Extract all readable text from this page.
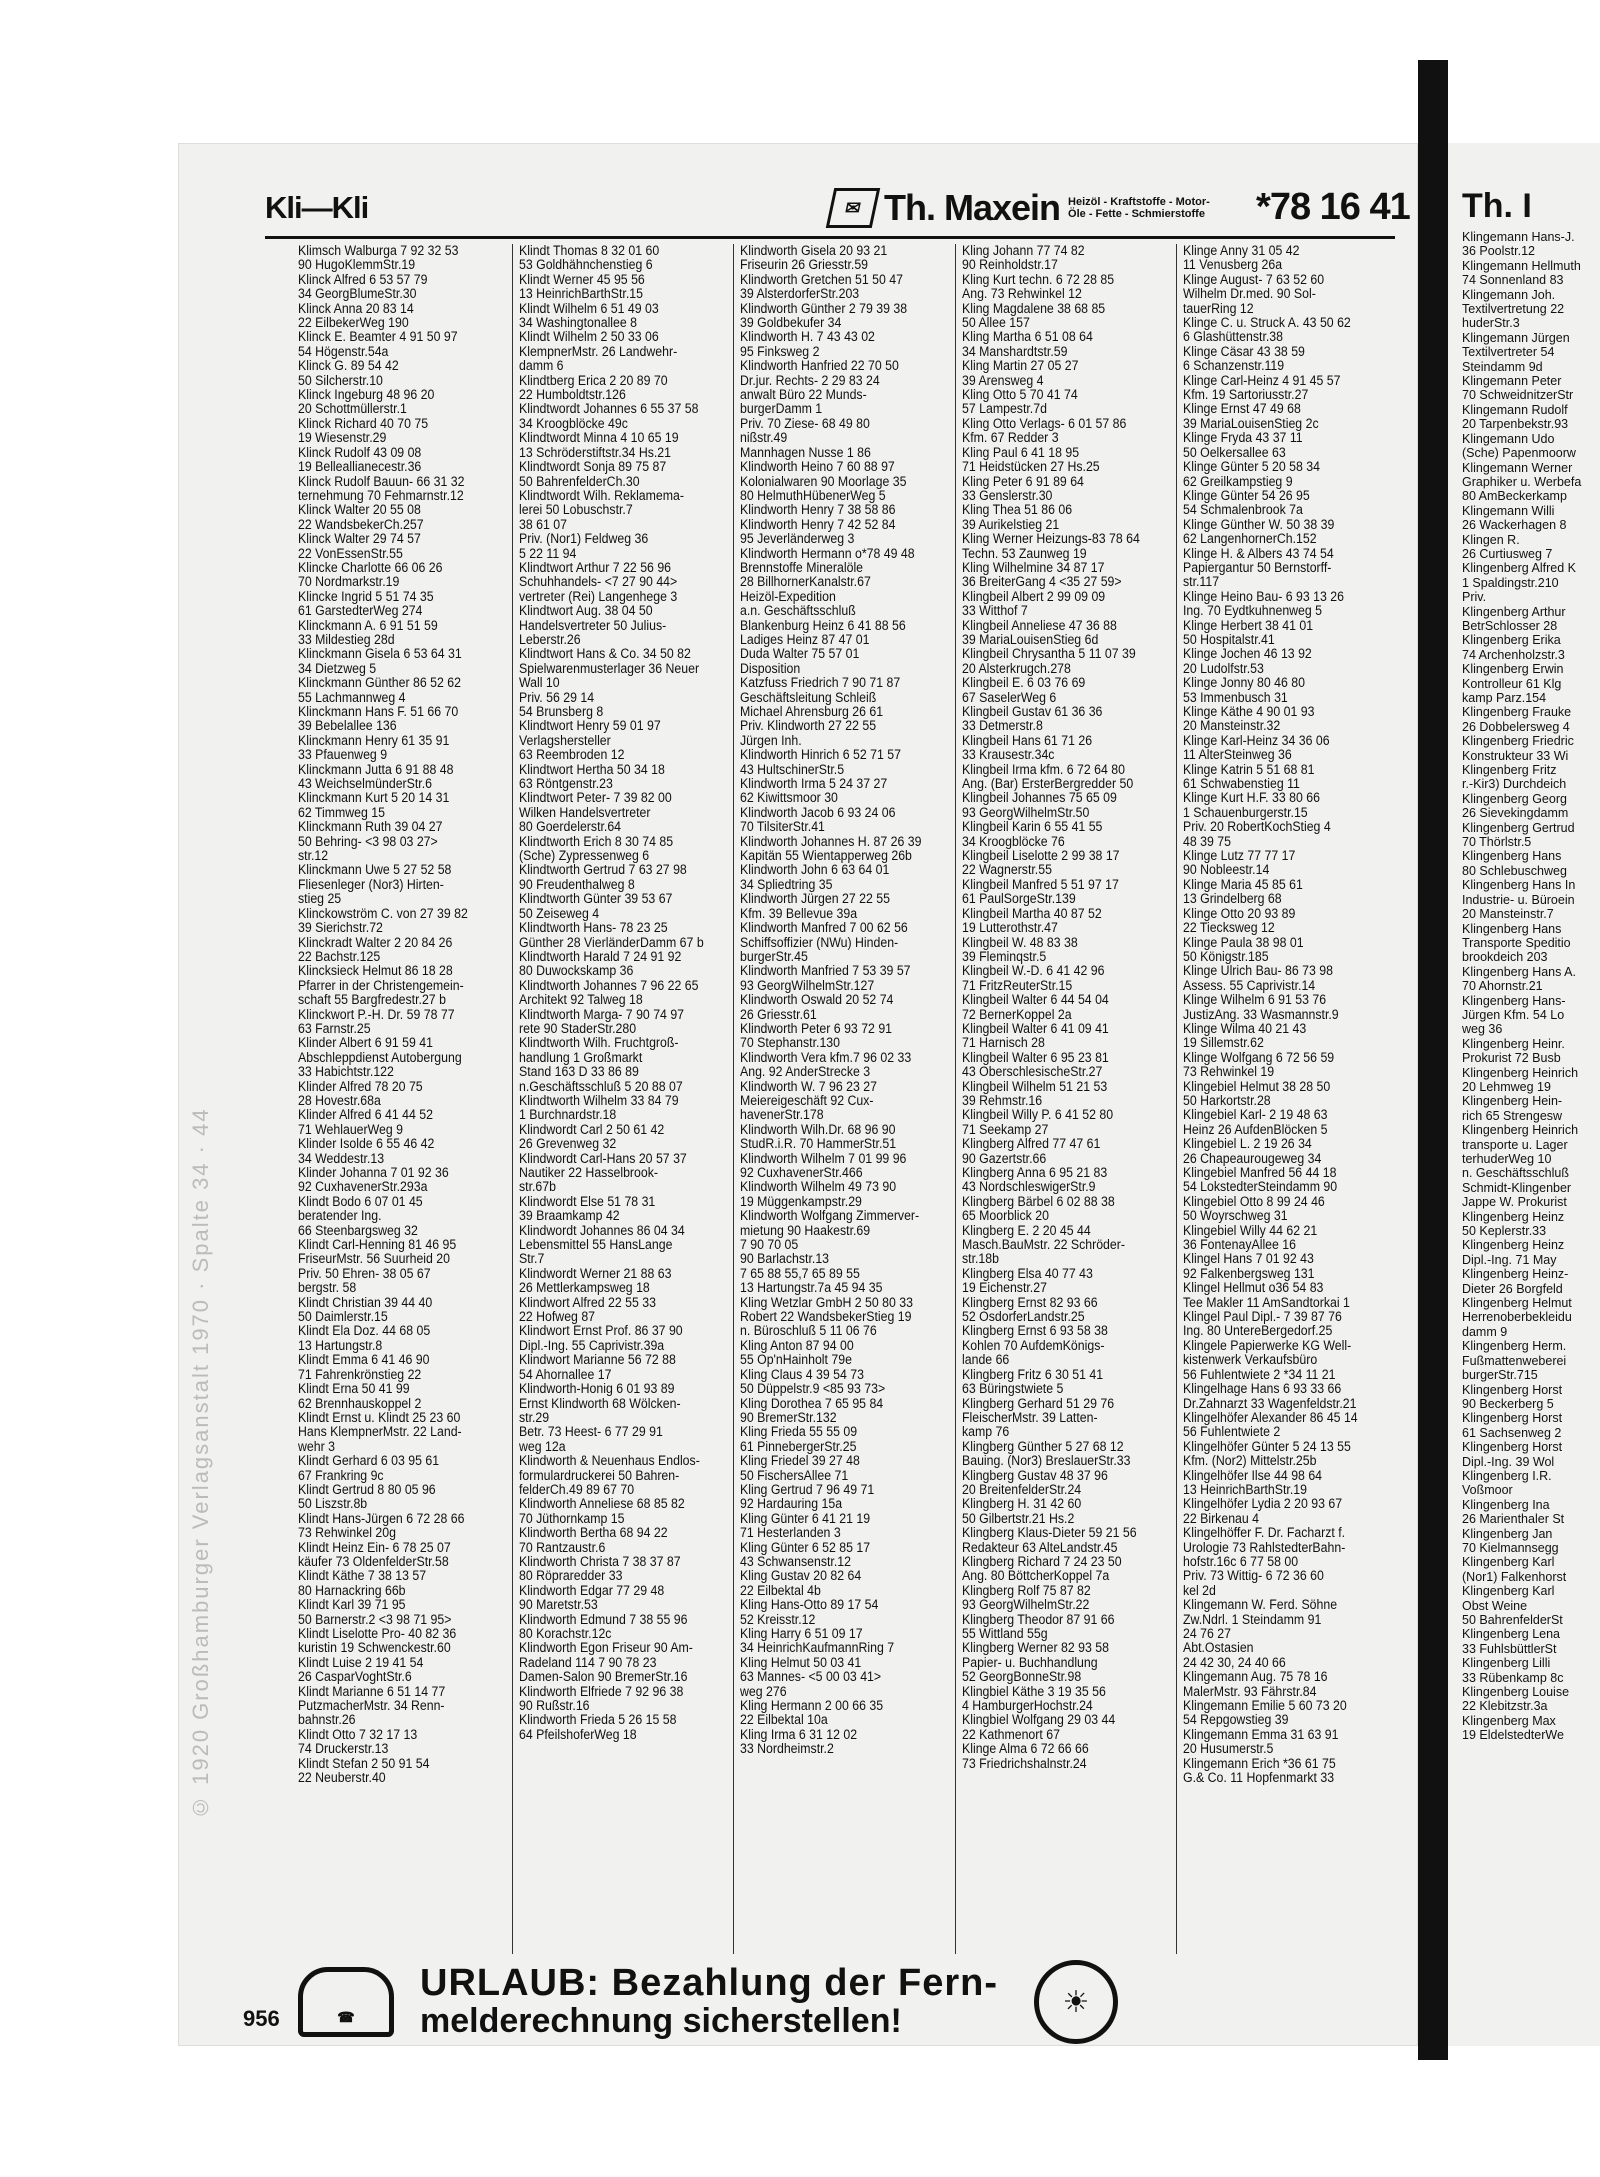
Th. I
Klingemann Hans-J.
36 Poolstr.12
Klingemann Hellmuth
74 Sonnenland 83
Klingemann Joh.
Textilvertretung 22
huderStr.3
Klingemann Jürgen
Textilvertreter 54
Steindamm 9d
Klingemann Peter
70 SchweidnitzerStr
Klingemann Rudolf
20 Tarpenbekstr.93
Klingemann Udo
(Sche) Papenmoorw
Klingemann Werner
Graphiker u. Werbefa
80 AmBeckerkamp
Klingemann Willi
26 Wackerhagen 8
Klingen R.
26 Curtiusweg 7
Klingenberg Alfred K
1 Spaldingstr.210
Priv.
Klingenberg Arthur
BetrSchlosser 28
Klingenberg Erika
74 Archenholzstr.3
Klingenberg Erwin
Kontrolleur 61 Klg
kamp Parz.154
Klingenberg Frauke
26 Dobbelersweg 4
Klingenberg Friedric
Konstrukteur 33 Wi
Klingenberg Fritz
r.-Kir3) Durchdeich
Klingenberg Georg
26 Sievekingdamm
Klingenberg Gertrud
70 Thörlstr.5
Klingenberg Hans
80 Schlebuschweg
Klingenberg Hans In
Industrie- u. Büroein
20 Mansteinstr.7
Klingenberg Hans
Transporte Speditio
brookdeich 203
Klingenberg Hans A.
70 Ahornstr.21
Klingenberg Hans-
Jürgen Kfm. 54 Lo
weg 36
Klingenberg Heinr.
Prokurist 72 Busb
Klingenberg Heinrich
20 Lehmweg 19
Klingenberg Hein-
rich 65 Strengesw
Klingenberg Heinrich
transporte u. Lager
terhuderWeg 10
n. Geschäftsschluß
Schmidt-Klingenber
Jappe W. Prokurist
Klingenberg Heinz
50 Keplerstr.33
Klingenberg Heinz
Dipl.-Ing. 71 May
Klingenberg Heinz-
Dieter 26 Borgfeld
Klingenberg Helmut
Herrenoberbekleidu
damm 9
Klingenberg Herm.
Fußmattenweberei
burgerStr.715
Klingenberg Horst
90 Beckerberg 5
Klingenberg Horst
61 Sachsenweg 2
Klingenberg Horst
Dipl.-Ing. 39 Wol
Klingenberg I.R.
Voßmoor
Klingenberg Ina
26 Marienthaler St
Klingenberg Jan
70 Kielmannsegg
Klingenberg Karl
(Nor1) Falkenhorst
Klingenberg Karl
Obst Weine
50 BahrenfelderSt
Klingenberg Lena
33 FuhlsbüttlerSt
Klingenberg Lilli
33 Rübenkamp 8c
Klingenberg Louise
22 Klebitzstr.3a
Klingenberg Max
19 EldelstedterWe
© 1920 Großhamburger Verlagsanstalt 1970 · Spalte 34 · 44
Kli—Kli	✉ Th. Maxein Heizöl - Kraftstoffe - Motor-
Öle - Fette - Schmierstoffe	*78 16 41
Klimsch Walburga 7 92 32 53
90 HugoKlemmStr.19
Klinck Alfred 6 53 57 79
34 GeorgBlumeStr.30
Klinck Anna 20 83 14
22 EilbekerWeg 190
Klinck E. Beamter 4 91 50 97
54 Högenstr.54a
Klinck G. 89 54 42
50 Silcherstr.10
Klinck Ingeburg 48 96 20
20 Schottmüllerstr.1
Klinck Richard 40 70 75
19 Wiesenstr.29
Klinck Rudolf 43 09 08
19 Belleallianecestr.36
Klinck Rudolf Bauun- 66 31 32
ternehmung 70 Fehmarnstr.12
Klinck Walter 20 55 08
22 WandsbekerCh.257
Klinck Walter 29 74 57
22 VonEssenStr.55
Klincke Charlotte 66 06 26
70 Nordmarkstr.19
Klincke Ingrid 5 51 74 35
61 GarstedterWeg 274
Klinckmann A. 6 91 51 59
33 Mildestieg 28d
Klinckmann Gisela 6 53 64 31
34 Dietzweg 5
Klinckmann Günther 86 52 62
55 Lachmannweg 4
Klinckmann Hans F. 51 66 70
39 Bebelallee 136
Klinckmann Henry 61 35 91
33 Pfauenweg 9
Klinckmann Jutta 6 91 88 48
43 WeichselmünderStr.6
Klinckmann Kurt 5 20 14 31
62 Timmweg 15
Klinckmann Ruth 39 04 27
50 Behring- <3 98 03 27>
str.12
Klinckmann Uwe 5 27 52 58
Fliesenleger (Nor3) Hirten-
stieg 25
Klinckowström C. von 27 39 82
39 Sierichstr.72
Klinckradt Walter 2 20 84 26
22 Bachstr.125
Klincksieck Helmut 86 18 28
Pfarrer in der Christengemein-
schaft 55 Bargfredestr.27 b
Klinckwort P.-H. Dr. 59 78 77
63 Farnstr.25
Klinder Albert 6 91 59 41
Abschleppdienst Autobergung
33 Habichtstr.122
Klinder Alfred 78 20 75
28 Hovestr.68a
Klinder Alfred 6 41 44 52
71 WehlauerWeg 9
Klinder Isolde 6 55 46 42
34 Weddestr.13
Klinder Johanna 7 01 92 36
92 CuxhavenerStr.293a
Klindt Bodo 6 07 01 45
beratender Ing.
66 Steenbargsweg 32
Klindt Carl-Henning 81 46 95
FriseurMstr. 56 Suurheid 20
Priv. 50 Ehren- 38 05 67
bergstr. 58
Klindt Christian 39 44 40
50 Daimlerstr.15
Klindt Ela Doz. 44 68 05
13 Hartungstr.8
Klindt Emma 6 41 46 90
71 Fahrenkrönstieg 22
Klindt Erna 50 41 99
62 Brennhauskoppel 2
Klindt Ernst u. Klindt 25 23 60
Hans KlempnerMstr. 22 Land-
wehr 3
Klindt Gerhard 6 03 95 61
67 Frankring 9c
Klindt Gertrud 8 80 05 96
50 Liszstr.8b
Klindt Hans-Jürgen 6 72 28 66
73 Rehwinkel 20g
Klindt Heinz Ein- 6 78 25 07
käufer 73 OldenfelderStr.58
Klindt Käthe 7 38 13 57
80 Harnackring 66b
Klindt Karl 39 71 95
50 Barnerstr.2 <3 98 71 95>
Klindt Liselotte Pro- 40 82 36
kuristin 19 Schwenckestr.60
Klindt Luise 2 19 41 54
26 CasparVoghtStr.6
Klindt Marianne 6 51 14 77
PutzmacherMstr. 34 Renn-
bahnstr.26
Klindt Otto 7 32 17 13
74 Druckerstr.13
Klindt Stefan 2 50 91 54
22 Neuberstr.40
Klindt Thomas 8 32 01 60
53 Goldhähnchenstieg 6
Klindt Werner 45 95 56
13 HeinrichBarthStr.15
Klindt Wilhelm 6 51 49 03
34 Washingtonallee 8
Klindt Wilhelm 2 50 33 06
KlempnerMstr. 26 Landwehr-
damm 6
Klindtberg Erica 2 20 89 70
22 Humboldtstr.126
Klindtwordt Johannes 6 55 37 58
34 Kroogblöcke 49c
Klindtwordt Minna 4 10 65 19
13 Schröderstiftstr.34 Hs.21
Klindtwordt Sonja 89 75 87
50 BahrenfelderCh.30
Klindtwordt Wilh. Reklamema-
lerei 50 Lobuschstr.7
38 61 07
Priv. (Nor1) Feldweg 36
5 22 11 94
Klindtwort Arthur 7 22 56 96
Schuhhandels- <7 27 90 44>
vertreter (Rei) Langenhege 3
Klindtwort Aug. 38 04 50
Handelsvertreter 50 Julius-
Leberstr.26
Klindtwort Hans & Co. 34 50 82
Spielwarenmusterlager 36 Neuer
Wall 10
Priv. 56 29 14
54 Brunsberg 8
Klindtwort Henry 59 01 97
Verlagshersteller
63 Reembroden 12
Klindtwort Hertha 50 34 18
63 Röntgenstr.23
Klindtwort Peter- 7 39 82 00
Wilken Handelsvertreter
80 Goerdelerstr.64
Klindtworth Erich 8 30 74 85
(Sche) Zypressenweg 6
Klindtworth Gertrud 7 63 27 98
90 Freudenthalweg 8
Klindtworth Günter 39 53 67
50 Zeiseweg 4
Klindtworth Hans- 78 23 25
Günther 28 VierländerDamm 67 b
Klindtworth Harald 7 24 91 92
80 Duwockskamp 36
Klindtworth Johannes 7 96 22 65
Architekt 92 Talweg 18
Klindtworth Marga- 7 90 74 97
rete 90 StaderStr.280
Klindtworth Wilh. Fruchtgroß-
handlung 1 Großmarkt
Stand 163 D 33 86 89
n.Geschäftsschluß 5 20 88 07
Klindtworth Wilhelm 33 84 79
1 Burchnardstr.18
Klindwordt Carl 2 50 61 42
26 Grevenweg 32
Klindwordt Carl-Hans 20 57 37
Nautiker 22 Hasselbrook-
str.67b
Klindwordt Else 51 78 31
39 Braamkamp 42
Klindwordt Johannes 86 04 34
Lebensmittel 55 HansLange
Str.7
Klindwordt Werner 21 88 63
26 Mettlerkampsweg 18
Klindwort Alfred 22 55 33
22 Hofweg 87
Klindwort Ernst Prof. 86 37 90
Dipl.-Ing. 55 Caprivistr.39a
Klindwort Marianne 56 72 88
54 Ahornallee 17
Klindworth-Honig 6 01 93 89
Ernst Klindworth 68 Wölcken-
str.29
Betr. 73 Heest- 6 77 29 91
weg 12a
Klindworth & Neuenhaus Endlos-
formulardruckerei 50 Bahren-
felderCh.49 89 67 70
Klindworth Anneliese 68 85 82
70 Jüthornkamp 15
Klindworth Bertha 68 94 22
70 Rantzaustr.6
Klindworth Christa 7 38 37 87
80 Röpraredder 33
Klindworth Edgar 77 29 48
90 Maretstr.53
Klindworth Edmund 7 38 55 96
80 Korachstr.12c
Klindworth Egon Friseur 90 Am-
Radeland 114 7 90 78 23
Damen-Salon 90 BremerStr.16
Klindworth Elfriede 7 92 96 38
90 Rußstr.16
Klindworth Frieda 5 26 15 58
64 PfeilshoferWeg 18
Klindworth Gisela 20 93 21
Friseurin 26 Griesstr.59
Klindworth Gretchen 51 50 47
39 AlsterdorferStr.203
Klindworth Günther 2 79 39 38
39 Goldbekufer 34
Klindworth H. 7 43 43 02
95 Finksweg 2
Klindworth Hanfried 22 70 50
Dr.jur. Rechts- 2 29 83 24
anwalt Büro 22 Munds-
burgerDamm 1
Priv. 70 Ziese- 68 49 80
nißstr.49
Mannhagen Nusse 1 86
Klindworth Heino 7 60 88 97
Kolonialwaren 90 Moorlage 35
80 HelmuthHübenerWeg 5
Klindworth Henry 7 38 58 86
Klindworth Henry 7 42 52 84
95 Jeverländerweg 3
Klindworth Hermann o*78 49 48
Brennstoffe Mineralöle
28 BillhornerKanalstr.67
Heizöl-Expedition
a.n. Geschäftsschluß
Blankenburg Heinz 6 41 88 56
Ladiges Heinz 87 47 01
Duda Walter 75 57 01
Disposition
Katzfuss Friedrich 7 90 71 87
Geschäftsleitung Schleiß
Michael Ahrensburg 26 61
Priv. Klindworth 27 22 55
Jürgen Inh.
Klindworth Hinrich 6 52 71 57
43 HultschinerStr.5
Klindworth Irma 5 24 37 27
62 Kiwittsmoor 30
Klindworth Jacob 6 93 24 06
70 TilsiterStr.41
Klindworth Johannes H. 87 26 39
Kapitän 55 Wientapperweg 26b
Klindworth John 6 63 64 01
34 Spliedtring 35
Klindworth Jürgen 27 22 55
Kfm. 39 Bellevue 39a
Klindworth Manfred 7 00 62 56
Schiffsoffizier (NWu) Hinden-
burgerStr.45
Klindworth Manfried 7 53 39 57
93 GeorgWilhelmStr.127
Klindworth Oswald 20 52 74
26 Griesstr.61
Klindworth Peter 6 93 72 91
70 Stephanstr.130
Klindworth Vera kfm.7 96 02 33
Ang. 92 AnderStrecke 3
Klindworth W. 7 96 23 27
Meiereigeschäft 92 Cux-
havenerStr.178
Klindworth Wilh.Dr. 68 96 90
StudR.i.R. 70 HammerStr.51
Klindworth Wilhelm 7 01 99 96
92 CuxhavenerStr.466
Klindworth Wilhelm 49 73 90
19 Müggenkampstr.29
Klindworth Wolfgang Zimmerver-
mietung 90 Haakestr.69
7 90 70 05
90 Barlachstr.13
7 65 88 55,7 65 89 55
13 Hartungstr.7a 45 94 35
Kling Wetzlar GmbH 2 50 80 33
Robert 22 WandsbekerStieg 19
n. Büroschluß 5 11 06 76
Kling Anton 87 94 00
55 Op'nHainholt 79e
Kling Claus 4 39 54 73
50 Düppelstr.9 <85 93 73>
Kling Dorothea 7 65 95 84
90 BremerStr.132
Kling Frieda 55 55 09
61 PinnebergerStr.25
Kling Friedel 39 27 48
50 FischersAllee 71
Kling Gertrud 7 96 49 71
92 Hardauring 15a
Kling Günter 6 41 21 19
71 Hesterlanden 3
Kling Günter 6 52 85 17
43 Schwansenstr.12
Kling Gustav 20 82 64
22 Eilbektal 4b
Kling Hans-Otto 89 17 54
52 Kreisstr.12
Kling Harry 6 51 09 17
34 HeinrichKaufmannRing 7
Kling Helmut 50 03 41
63 Mannes- <5 00 03 41>
weg 276
Kling Hermann 2 00 66 35
22 Eilbektal 10a
Kling Irma 6 31 12 02
33 Nordheimstr.2
Kling Johann 77 74 82
90 Reinholdstr.17
Kling Kurt techn. 6 72 28 85
Ang. 73 Rehwinkel 12
Kling Magdalene 38 68 85
50 Allee 157
Kling Martha 6 51 08 64
34 Manshardtstr.59
Kling Martin 27 05 27
39 Arensweg 4
Kling Otto 5 70 41 74
57 Lampestr.7d
Kling Otto Verlags- 6 01 57 86
Kfm. 67 Redder 3
Kling Paul 6 41 18 95
71 Heidstücken 27 Hs.25
Kling Peter 6 91 89 64
33 Genslerstr.30
Kling Thea 51 86 06
39 Aurikelstieg 21
Kling Werner Heizungs-83 78 64
Techn. 53 Zaunweg 19
Kling Wilhelmine 34 87 17
36 BreiterGang 4 <35 27 59>
Klingbeil Albert 2 99 09 09
33 Witthof 7
Klingbeil Anneliese 47 36 88
39 MariaLouisenStieg 6d
Klingbeil Chrysantha 5 11 07 39
20 Alsterkrugch.278
Klingbeil E. 6 03 76 69
67 SaselerWeg 6
Klingbeil Gustav 61 36 36
33 Detmerstr.8
Klingbeil Hans 61 71 26
33 Krausestr.34c
Klingbeil Irma kfm. 6 72 64 80
Ang. (Bar) ErsterBergredder 50
Klingbeil Johannes 75 65 09
93 GeorgWilhelmStr.50
Klingbeil Karin 6 55 41 55
34 Kroogblöcke 76
Klingbeil Liselotte 2 99 38 17
22 Wagnerstr.55
Klingbeil Manfred 5 51 97 17
61 PaulSorgeStr.139
Klingbeil Martha 40 87 52
19 Lutterothstr.47
Klingbeil W. 48 83 38
39 Fleminqstr.5
Klingbeil W.-D. 6 41 42 96
71 FritzReuterStr.15
Klingbeil Walter 6 44 54 04
72 BernerKoppel 2a
Klingbeil Walter 6 41 09 41
71 Harnisch 28
Klingbeil Walter 6 95 23 81
43 OberschlesischeStr.27
Klingbeil Wilhelm 51 21 53
39 Rehmstr.16
Klingbeil Willy P. 6 41 52 80
71 Seekamp 27
Klingberg Alfred 77 47 61
90 Gazertstr.66
Klingberg Anna 6 95 21 83
43 NordschleswigerStr.9
Klingberg Bärbel 6 02 88 38
65 Moorblick 20
Klingberg E. 2 20 45 44
Masch.BauMstr. 22 Schröder-
str.18b
Klingberg Elsa 40 77 43
19 Eichenstr.27
Klingberg Ernst 82 93 66
52 OsdorferLandstr.25
Klingberg Ernst 6 93 58 38
Kohlen 70 AufdemKönigs-
lande 66
Klingberg Fritz 6 30 51 41
63 Büringstwiete 5
Klingberg Gerhard 51 29 76
FleischerMstr. 39 Latten-
kamp 76
Klingberg Günther 5 27 68 12
Bauing. (Nor3) BreslauerStr.33
Klingberg Gustav 48 37 96
20 BreitenfelderStr.24
Klingberg H. 31 42 60
50 Gilbertstr.21 Hs.2
Klingberg Klaus-Dieter 59 21 56
Redakteur 63 AlteLandstr.45
Klingberg Richard 7 24 23 50
Ang. 80 BöttcherKoppel 7a
Klingberg Rolf 75 87 82
93 GeorgWilhelmStr.22
Klingberg Theodor 87 91 66
55 Wittland 55g
Klingberg Werner 82 93 58
Papier- u. Buchhandlung
52 GeorgBonneStr.98
Klingbiel Käthe 3 19 35 56
4 HamburgerHochstr.24
Klingbiel Wolfgang 29 03 44
22 Kathmenort 67
Klinge Alma 6 72 66 66
73 Friedrichshalnstr.24
Klinge Anny 31 05 42
11 Venusberg 26a
Klinge August- 7 63 52 60
Wilhelm Dr.med. 90 Sol-
tauerRing 12
Klinge C. u. Struck A. 43 50 62
6 Glashüttenstr.38
Klinge Cäsar 43 38 59
6 Schanzenstr.119
Klinge Carl-Heinz 4 91 45 57
Kfm. 19 Sartoriusstr.27
Klinge Ernst 47 49 68
39 MariaLouisenStieg 2c
Klinge Fryda 43 37 11
50 Oelkersallee 63
Klinge Günter 5 20 58 34
62 Greilkampstieg 9
Klinge Günter 54 26 95
54 Schmalenbrook 7a
Klinge Günther W. 50 38 39
62 LangenhornerCh.152
Klinge H. & Albers 43 74 54
Papiergantur 50 Bernstorff-
str.117
Klinge Heino Bau- 6 93 13 26
Ing. 70 Eydtkuhnenweg 5
Klinge Herbert 38 41 01
50 Hospitalstr.41
Klinge Jochen 46 13 92
20 Ludolfstr.53
Klinge Jonny 80 46 80
53 Immenbusch 31
Klinge Käthe 4 90 01 93
20 Mansteinstr.32
Klinge Karl-Heinz 34 36 06
11 AlterSteinweg 36
Klinge Katrin 5 51 68 81
61 Schwabenstieg 11
Klinge Kurt H.F. 33 80 66
1 Schauenburgerstr.15
Priv. 20 RobertKochStieg 4
48 39 75
Klinge Lutz 77 77 17
90 Nobleestr.14
Klinge Maria 45 85 61
13 Grindelberg 68
Klinge Otto 20 93 89
22 Tiecksweg 12
Klinge Paula 38 98 01
50 Königstr.185
Klinge Ulrich Bau- 86 73 98
Assess. 55 Caprivistr.14
Klinge Wilhelm 6 91 53 76
JustizAng. 33 Wasmannstr.9
Klinge Wilma 40 21 43
19 Sillemstr.62
Klinge Wolfgang 6 72 56 59
73 Rehwinkel 19
Klingebiel Helmut 38 28 50
50 Harkortstr.28
Klingebiel Karl- 2 19 48 63
Heinz 26 AufdenBlöcken 5
Klingebiel L. 2 19 26 34
26 Chapeaurougeweg 34
Klingebiel Manfred 56 44 18
54 LokstedterSteindamm 90
Klingebiel Otto 8 99 24 46
50 Woyrschweg 31
Klingebiel Willy 44 62 21
36 FontenayAllee 16
Klingel Hans 7 01 92 43
92 Falkenbergsweg 131
Klingel Hellmut o36 54 83
Tee Makler 11 AmSandtorkai 1
Klingel Paul Dipl.- 7 39 87 76
Ing. 80 UntereBergedorf.25
Klingele Papierwerke KG Well-
kistenwerk Verkaufsbüro
56 Fuhlentwiete 2 *34 11 21
Klingelhage Hans 6 93 33 66
Dr.Zahnarzt 33 Wagenfeldstr.21
Klingelhöfer Alexander 86 45 14
56 Fuhlentwiete 2
Klingelhöfer Günter 5 24 13 55
Kfm. (Nor2) Mittelstr.25b
Klingelhöfer Ilse 44 98 64
13 HeinrichBarthStr.19
Klingelhöfer Lydia 2 20 93 67
22 Birkenau 4
Klingelhöffer F. Dr. Facharzt f.
Urologie 73 RahlstedterBahn-
hofstr.16c 6 77 58 00
Priv. 73 Wittig- 6 72 36 60
kel 2d
Klingemann W. Ferd. Söhne
Zw.Ndrl. 1 Steindamm 91
24 76 27
Abt.Ostasien
24 42 30, 24 40 66
Klingemann Aug. 75 78 16
MalerMstr. 93 Fährstr.84
Klingemann Emilie 5 60 73 20
54 Repgowstieg 39
Klingemann Emma 31 63 91
20 Husumerstr.5
Klingemann Erich *36 61 75
G.& Co. 11 Hopfenmarkt 33
☎
URLAUB: Bezahlung der Fern-
melderechnung sicherstellen!	☀
956
